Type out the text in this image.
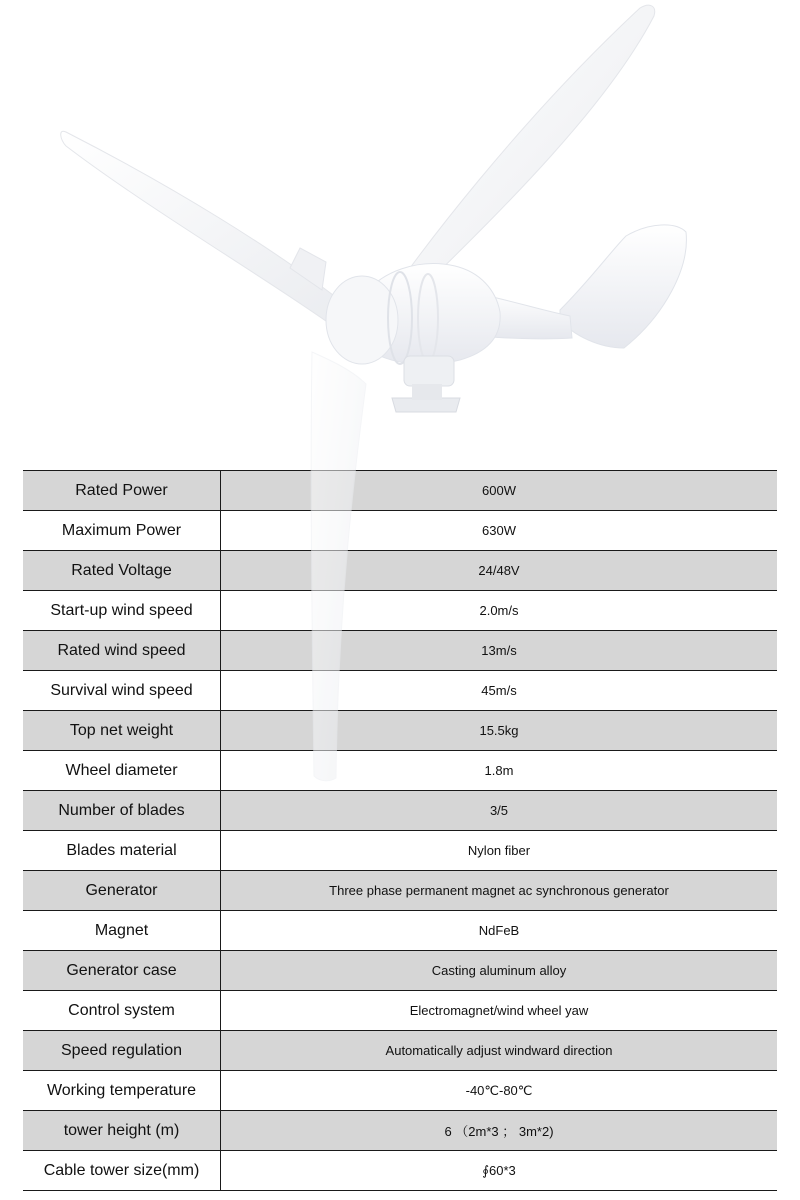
Rated Power	600W
Maximum Power	630W
Rated Voltage	24/48V
Start-up wind speed	2.0m/s
Rated wind speed	13m/s
Survival wind speed	45m/s
Top net weight	15.5kg
Wheel diameter	1.8m
Number of blades	3/5
Blades material	Nylon fiber
Generator	Three phase permanent magnet ac synchronous generator
Magnet	NdFeB
Generator case	Casting aluminum alloy
Control system	Electromagnet/wind wheel yaw
Speed regulation	Automatically adjust windward direction
Working temperature	-40℃-80℃
tower height (m)	6 （2m*3 ； 3m*2)
Cable tower size(mm)	∮60*3
